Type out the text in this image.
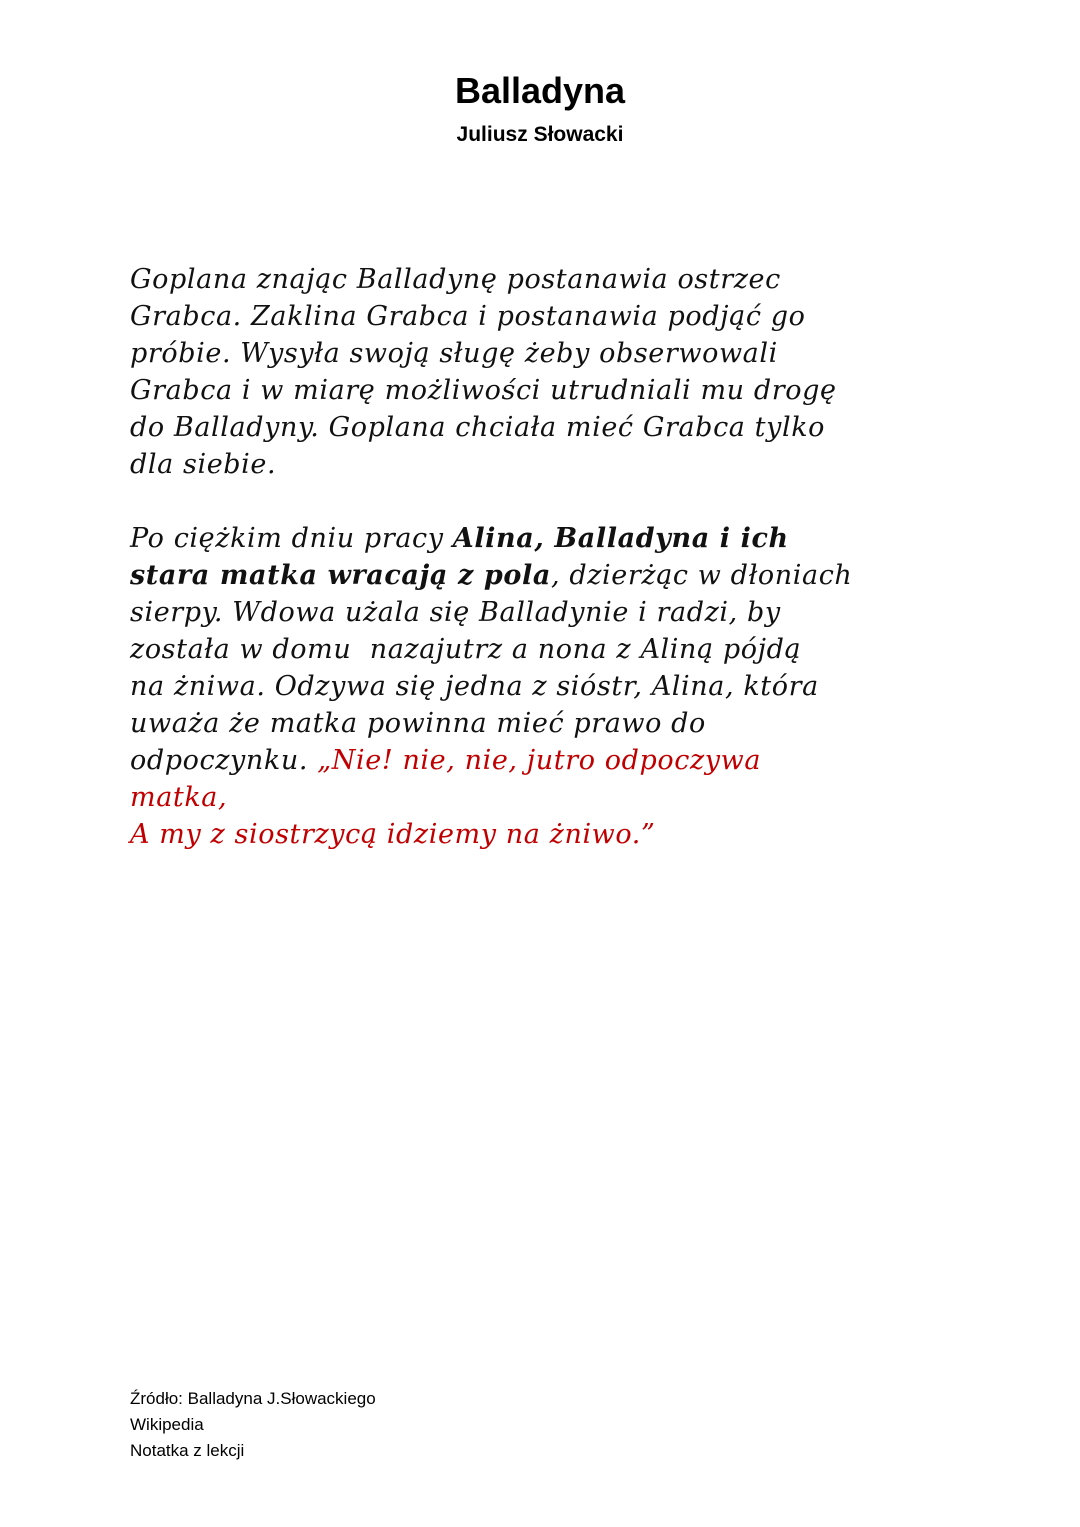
Balladyna
Juliusz Słowacki
Goplana znając Balladynę postanawia ostrzec
Grabca. Zaklina Grabca i postanawia podjąć go
próbie. Wysyła swoją sługę żeby obserwowali
Grabca i w miarę możliwości utrudniali mu drogę
do Balladyny. Goplana chciała mieć Grabca tylko
dla siebie.
Po ciężkim dniu pracy Alina, Balladyna i ich
stara matka wracają z pola, dzierżąc w dłoniach
sierpy. Wdowa użala się Balladynie i radzi, by
została w domu  nazajutrz a nona z Aliną pójdą
na żniwa. Odzywa się jedna z sióstr, Alina, która
uważa że matka powinna mieć prawo do
odpoczynku. „Nie! nie, nie, jutro odpoczywa
matka,
A my z siostrzycą idziemy na żniwo.”
Źródło: Balladyna J.Słowackiego
Wikipedia
Notatka z lekcji
